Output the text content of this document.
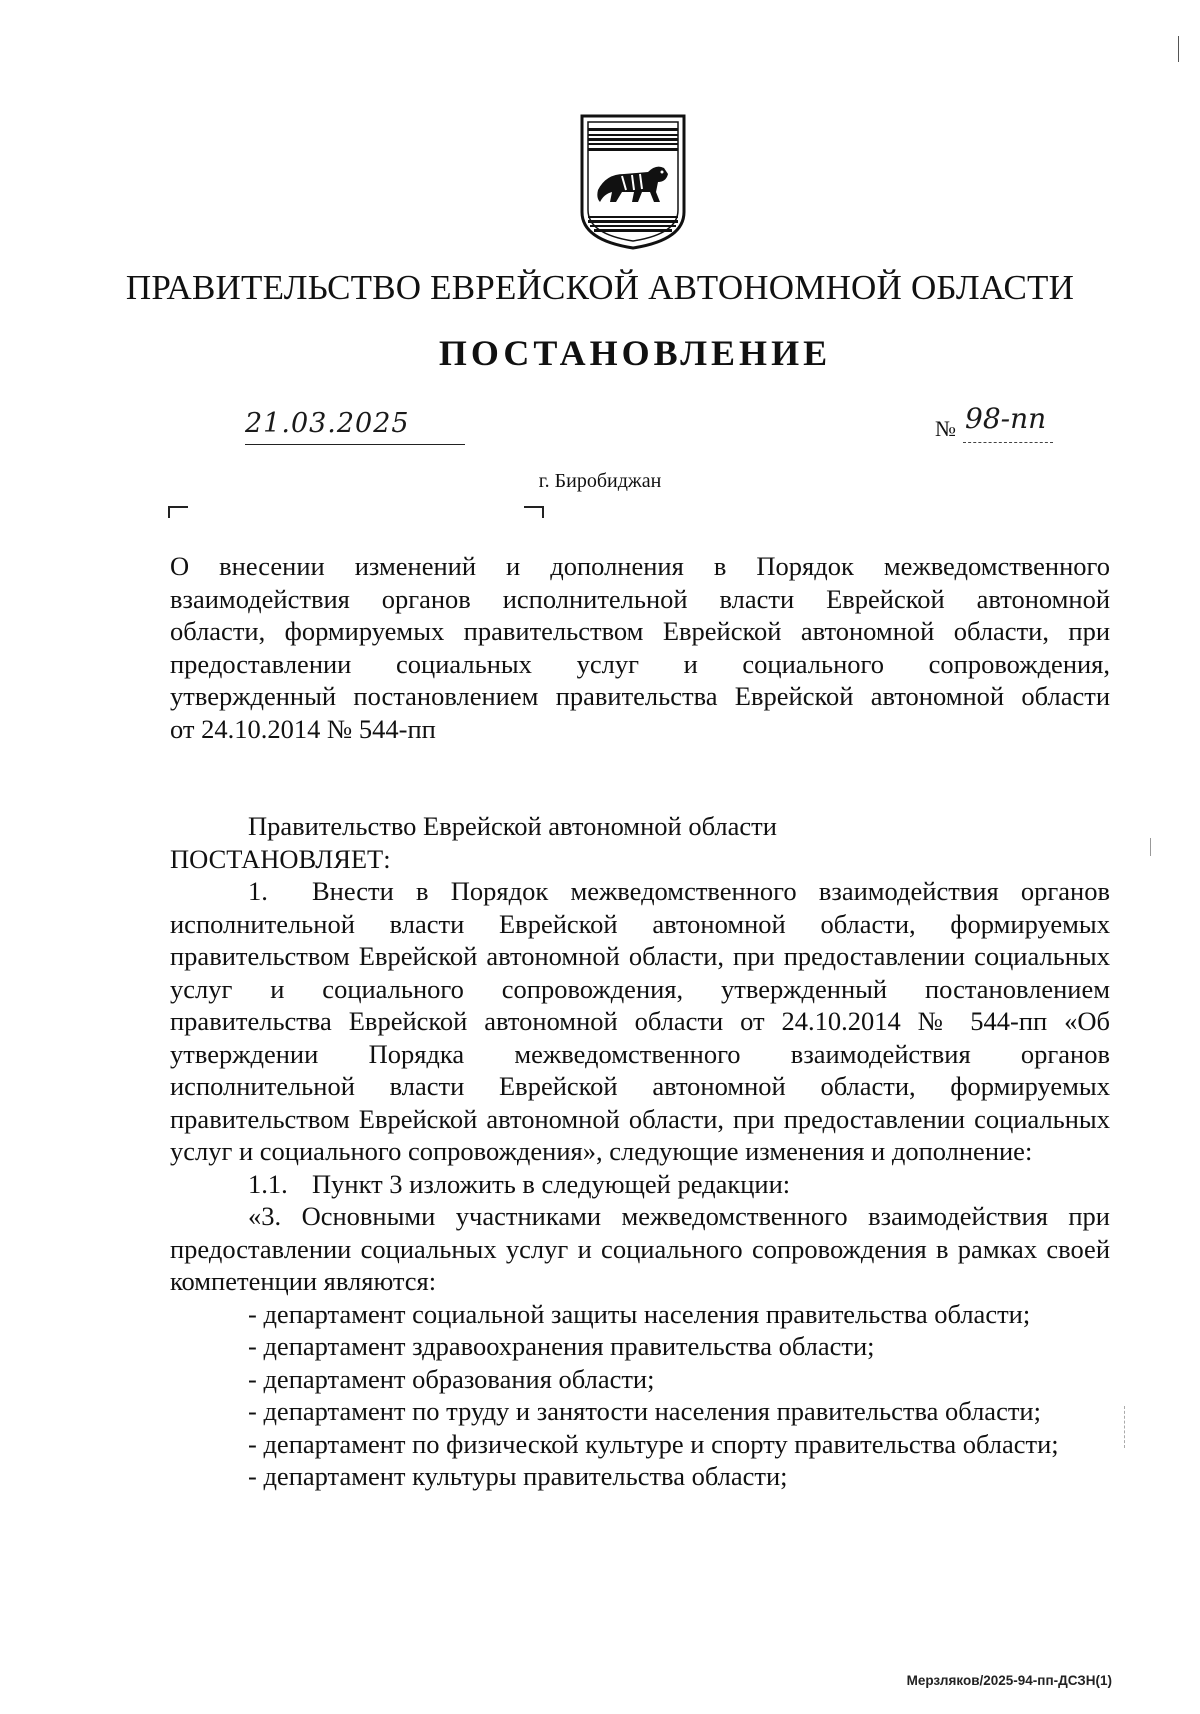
ПРАВИТЕЛЬСТВО ЕВРЕЙСКОЙ АВТОНОМНОЙ ОБЛАСТИ
ПОСТАНОВЛЕНИЕ
21.03.2025	№ 98-пп
г. Биробиджан
О внесении изменений и дополнения в Порядок межведомственного
взаимодействия органов исполнительной власти Еврейской автономной
области, формируемых правительством Еврейской автономной области, при
предоставлении социальных услуг и социального сопровождения,
утвержденный постановлением правительства Еврейской автономной области
от 24.10.2014 № 544-пп

Правительство Еврейской автономной области

ПОСТАНОВЛЯЕТ:

1. Внести в Порядок межведомственного взаимодействия органов исполнительной власти Еврейской автономной области, формируемых правительством Еврейской автономной области, при предоставлении социальных услуг и социального сопровождения, утвержденный постановлением правительства Еврейской автономной области от 24.10.2014 № 544-пп «Об утверждении Порядка межведомственного взаимодействия органов исполнительной власти Еврейской автономной области, формируемых правительством Еврейской автономной области, при предоставлении социальных услуг и социального сопровождения», следующие изменения и дополнение:

1.1. Пункт 3 изложить в следующей редакции:

«3. Основными участниками межведомственного взаимодействия при предоставлении социальных услуг и социального сопровождения в рамках своей компетенции являются:

- департамент социальной защиты населения правительства области;

- департамент здравоохранения правительства области;

- департамент образования области;

- департамент по труду и занятости населения правительства области;

- департамент по физической культуре и спорту правительства области;

- департамент культуры правительства области;

Мерзляков/2025-94-пп-ДСЗН(1)
